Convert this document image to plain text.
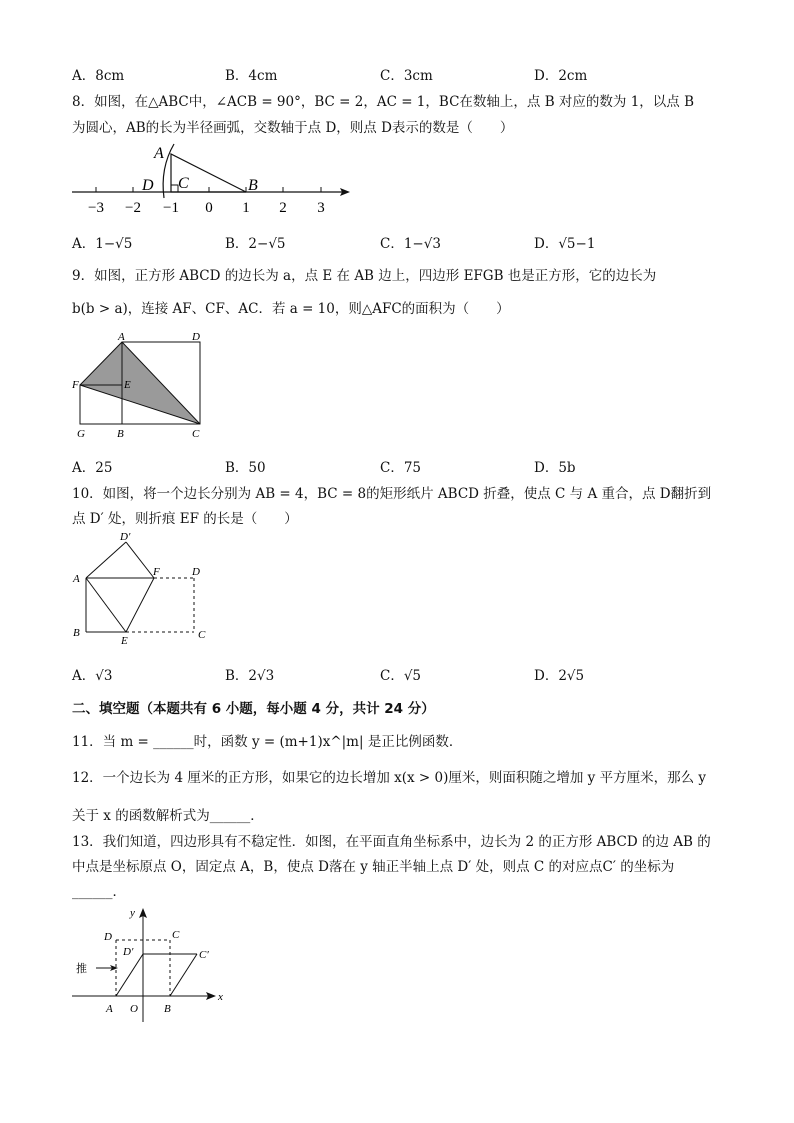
A．8cm	B．4cm	C．3cm	D．2cm
8．如图，在△ABC中，∠ACB = 90°，BC = 2，AC = 1，BC在数轴上，点 B 对应的数为 1，以点 B
为圆心，AB的长为半径画弧，交数轴于点 D，则点 D表示的数是（　　）
−3 −2 −1 0 1 2 3
A
D C	B
A．1−√5	B．2−√5	C．1−√3	D．√5−1
9．如图，正方形 ABCD 的边长为 a，点 E 在 AB 边上，四边形 EFGB 也是正方形，它的边长为
b(b > a)，连接 AF、CF、AC．若 a = 10，则△AFC的面积为（　　）
A	D
F	E
G	B	C
A．25	B．50	C．75	D．5b
10．如图，将一个边长分别为 AB = 4，BC = 8的矩形纸片 ABCD 折叠，使点 C 与 A 重合，点 D翻折到
点 D′ 处，则折痕 EF 的长是（　　）
D′
A
F	D
B
E	C
A．√3	B．2√3	C．√5	D．2√5
二、填空题（本题共有 6 小题，每小题 4 分，共计 24 分）
11．当 m = ______时，函数 y = (m+1)x^|m| 是正比例函数．
12．一个边长为 4 厘米的正方形，如果它的边长增加 x(x > 0)厘米，则面积随之增加 y 平方厘米，那么 y
关于 x 的函数解析式为______．
13．我们知道，四边形具有不稳定性．如图，在平面直角坐标系中，边长为 2 的正方形 ABCD 的边 AB 的
中点是坐标原点 O，固定点 A，B，使点 D落在 y 轴正半轴上点 D′ 处，则点 C 的对应点C′ 的坐标为
______．
y
D	C
D′	C′
推
x
A O B
